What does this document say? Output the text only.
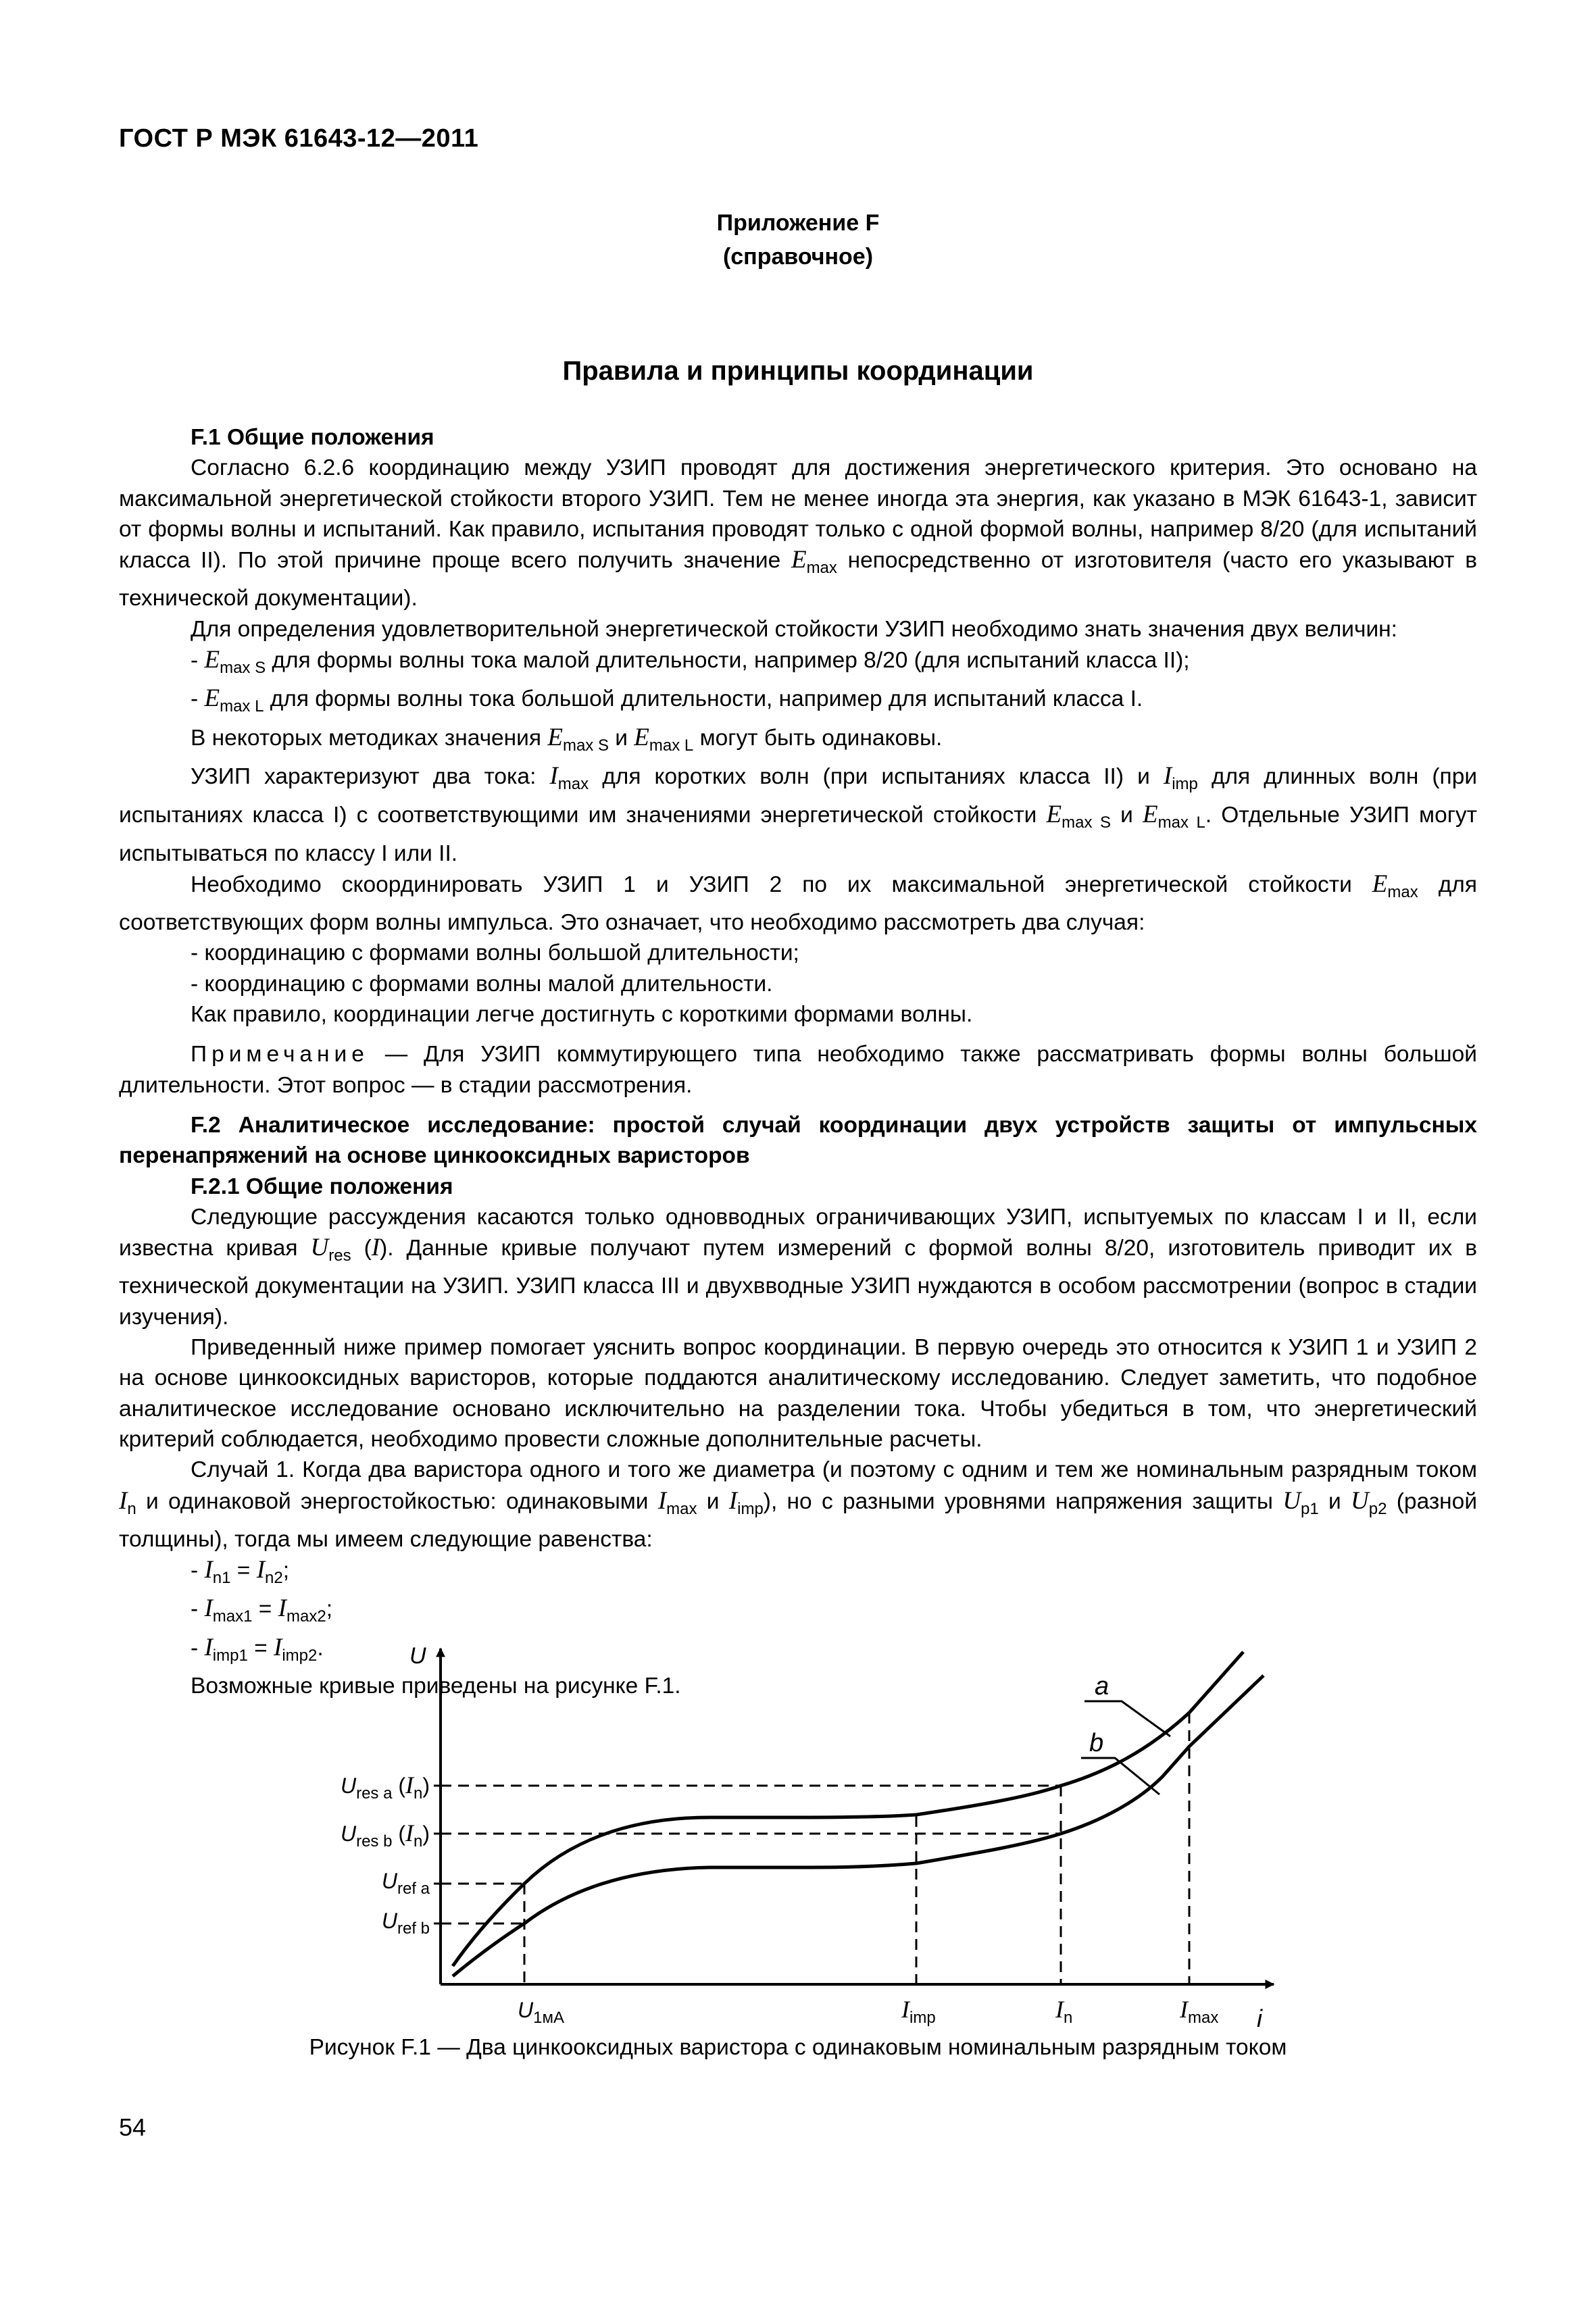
ГОСТ Р МЭК 61643-12—2011
Приложение F
(справочное)
Правила и принципы координации

F.1 Общие положения

Согласно 6.2.6 координацию между УЗИП проводят для достижения энергетического критерия. Это основано на максимальной энергетической стойкости второго УЗИП. Тем не менее иногда эта энергия, как указано в МЭК 61643-1, зависит от формы волны и испытаний. Как правило, испытания проводят только с одной формой волны, например 8/20 (для испытаний класса II). По этой причине проще всего получить значение $E_{max}$ непосредственно от изготовителя (часто его указывают в технической документации).

Для определения удовлетворительной энергетической стойкости УЗИП необходимо знать значения двух величин:

- $E_{max S}$ для формы волны тока малой длительности, например 8/20 (для испытаний класса II);

- $E_{max L}$ для формы волны тока большой длительности, например для испытаний класса I.

В некоторых методиках значения $E_{max S}$ и $E_{max L}$ могут быть одинаковы.

УЗИП характеризуют два тока: $I_{max}$ для коротких волн (при испытаниях класса II) и $I_{imp}$ для длинных волн (при испытаниях класса I) с соответствующими им значениями энергетической стойкости $E_{max S}$ и $E_{max L}$. Отдельные УЗИП могут испытываться по классу I или II.

Необходимо скоординировать УЗИП 1 и УЗИП 2 по их максимальной энергетической стойкости $E_{max}$ для соответствующих форм волны импульса. Это означает, что необходимо рассмотреть два случая:

- координацию с формами волны большой длительности;

- координацию с формами волны малой длительности.

Как правило, координации легче достигнуть с короткими формами волны.

Примечание — Для УЗИП коммутирующего типа необходимо также рассматривать формы волны большой длительности. Этот вопрос — в стадии рассмотрения.

F.2 Аналитическое исследование: простой случай координации двух устройств защиты от импульсных перенапряжений на основе цинкооксидных варисторов

F.2.1 Общие положения

Следующие рассуждения касаются только одновводных ограничивающих УЗИП, испытуемых по классам I и II, если известна кривая $U_{res}$ (I). Данные кривые получают путем измерений с формой волны 8/20, изготовитель приводит их в технической документации на УЗИП. УЗИП класса III и двухвводные УЗИП нуждаются в особом рассмотрении (вопрос в стадии изучения).

Приведенный ниже пример помогает уяснить вопрос координации. В первую очередь это относится к УЗИП 1 и УЗИП 2 на основе цинкооксидных варисторов, которые поддаются аналитическому исследованию. Следует заметить, что подобное аналитическое исследование основано исключительно на разделении тока. Чтобы убедиться в том, что энергетический критерий соблюдается, необходимо провести сложные дополнительные расчеты.

Случай 1. Когда два варистора одного и того же диаметра (и поэтому с одним и тем же номинальным разрядным током $I_n$ и одинаковой энергостойкостью: одинаковыми $I_{max}$ и $I_{imp}$), но с разными уровнями напряжения защиты $U_{p1}$ и $U_{p2}$ (разной толщины), тогда мы имеем следующие равенства:

- $I_{n1} = I_{n2}$;

- $I_{max1} = I_{max2}$;

- $I_{imp1} = I_{imp2}$.

Возможные кривые приведены на рисунке F.1.

U
i
a
b
$U_{res a}$ $(I_n)$
$U_{res b}$ $(I_n)$
$U_{ref a}$
$U_{ref b}$
$U_{1мА}$	$I_{imp}$	$I_n$	$I_{max}$
Рисунок F.1 — Два цинкооксидных варистора с одинаковым номинальным разрядным током
54
